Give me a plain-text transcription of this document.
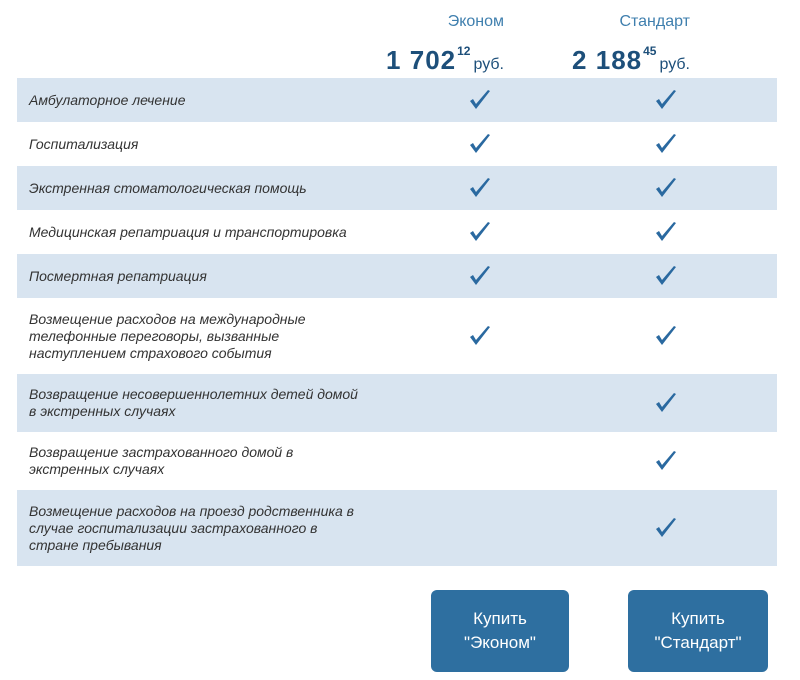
Эконом
1 $702^{12}руб$.
Стандарт
2 $188^{45}руб$.
Амбулаторное лечение
Госпитализация
Экстренная стоматологическая помощь
Медицинская репатриация и транспортировка
Посмертная репатриация
Возмещение расходов на международные телефонные переговоры, вызванные наступлением страхового события
Возвращение несовершеннолетних детей домой в экстренных случаях
Возвращение застрахованного домой в экстренных случаях
Возмещение расходов на проезд родственника в случае госпитализации застрахованного в стране пребывания
Купить
"Эконом"
Купить
"Стандарт"
